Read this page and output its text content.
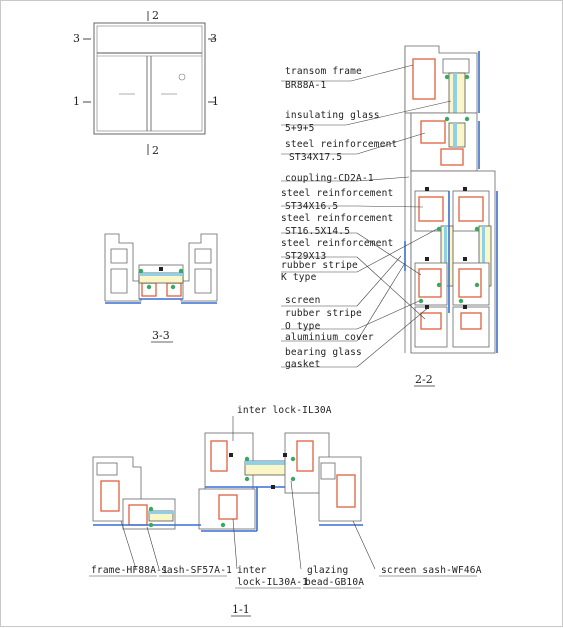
2
2
3	3
1	1
3-3
transom frame
BR88A-1
insulating glass
5+9+5
steel reinforcement
ST34X17.5
coupling-CD2A-1
steel reinforcement
ST34X16.5
steel reinforcement
ST16.5X14.5
steel reinforcement
ST29X13
rubber stripe
K type
screen
rubber stripe
O type
aluminium cover
bearing glass
gasket
2-2
inter lock-IL30A
frame-HF88A-1
sash-SF57A-1 inter
lock-IL30A-1
glazing
bead-GB10A
screen sash-WF46A
1-1
